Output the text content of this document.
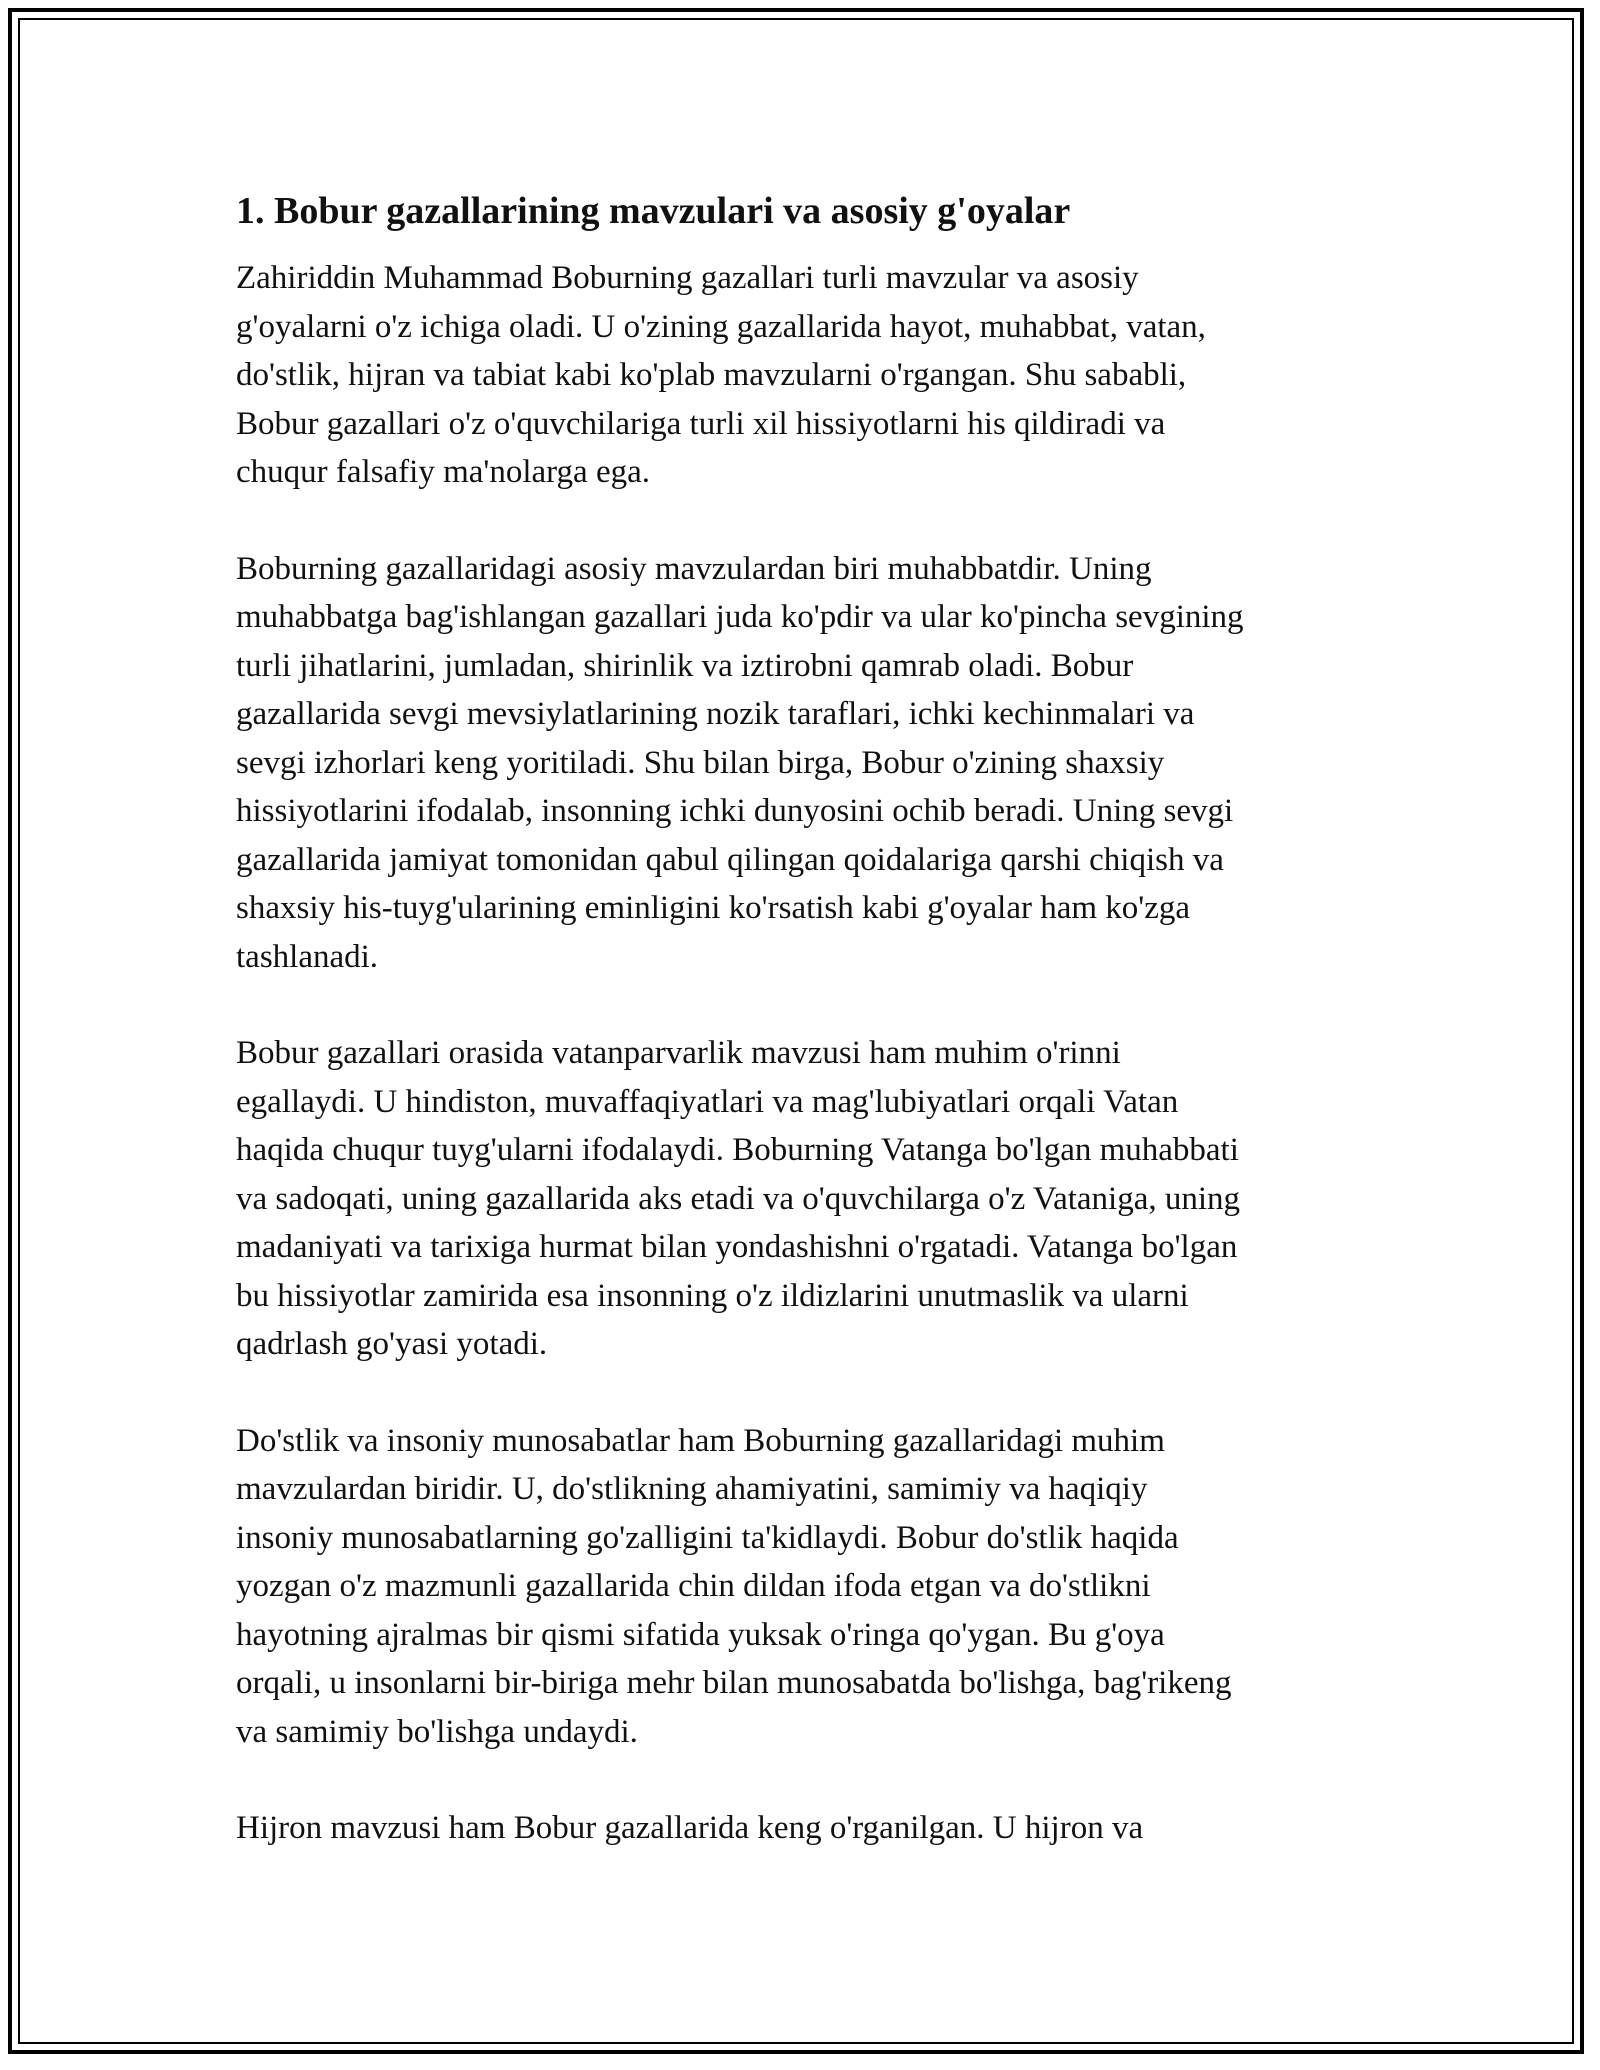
1. Bobur gazallarining mavzulari va asosiy g'oyalar
Zahiriddin Muhammad Boburning gazallari turli mavzular va asosiy
g'oyalarni o'z ichiga oladi. U o'zining gazallarida hayot, muhabbat, vatan,
do'stlik, hijran va tabiat kabi ko'plab mavzularni o'rgangan. Shu sababli,
Bobur gazallari o'z o'quvchilariga turli xil hissiyotlarni his qildiradi va
chuqur falsafiy ma'nolarga ega.
Boburning gazallaridagi asosiy mavzulardan biri muhabbatdir. Uning
muhabbatga bag'ishlangan gazallari juda ko'pdir va ular ko'pincha sevgining
turli jihatlarini, jumladan, shirinlik va iztirobni qamrab oladi. Bobur
gazallarida sevgi mevsiylatlarining nozik taraflari, ichki kechinmalari va
sevgi izhorlari keng yoritiladi. Shu bilan birga, Bobur o'zining shaxsiy
hissiyotlarini ifodalab, insonning ichki dunyosini ochib beradi. Uning sevgi
gazallarida jamiyat tomonidan qabul qilingan qoidalariga qarshi chiqish va
shaxsiy his-tuyg'ularining eminligini ko'rsatish kabi g'oyalar ham ko'zga
tashlanadi.
Bobur gazallari orasida vatanparvarlik mavzusi ham muhim o'rinni
egallaydi. U hindiston, muvaffaqiyatlari va mag'lubiyatlari orqali Vatan
haqida chuqur tuyg'ularni ifodalaydi. Boburning Vatanga bo'lgan muhabbati
va sadoqati, uning gazallarida aks etadi va o'quvchilarga o'z Vataniga, uning
madaniyati va tarixiga hurmat bilan yondashishni o'rgatadi. Vatanga bo'lgan
bu hissiyotlar zamirida esa insonning o'z ildizlarini unutmaslik va ularni
qadrlash go'yasi yotadi.
Do'stlik va insoniy munosabatlar ham Boburning gazallaridagi muhim
mavzulardan biridir. U, do'stlikning ahamiyatini, samimiy va haqiqiy
insoniy munosabatlarning go'zalligini ta'kidlaydi. Bobur do'stlik haqida
yozgan o'z mazmunli gazallarida chin dildan ifoda etgan va do'stlikni
hayotning ajralmas bir qismi sifatida yuksak o'ringa qo'ygan. Bu g'oya
orqali, u insonlarni bir-biriga mehr bilan munosabatda bo'lishga, bag'rikeng
va samimiy bo'lishga undaydi.
Hijron mavzusi ham Bobur gazallarida keng o'rganilgan. U hijron va
